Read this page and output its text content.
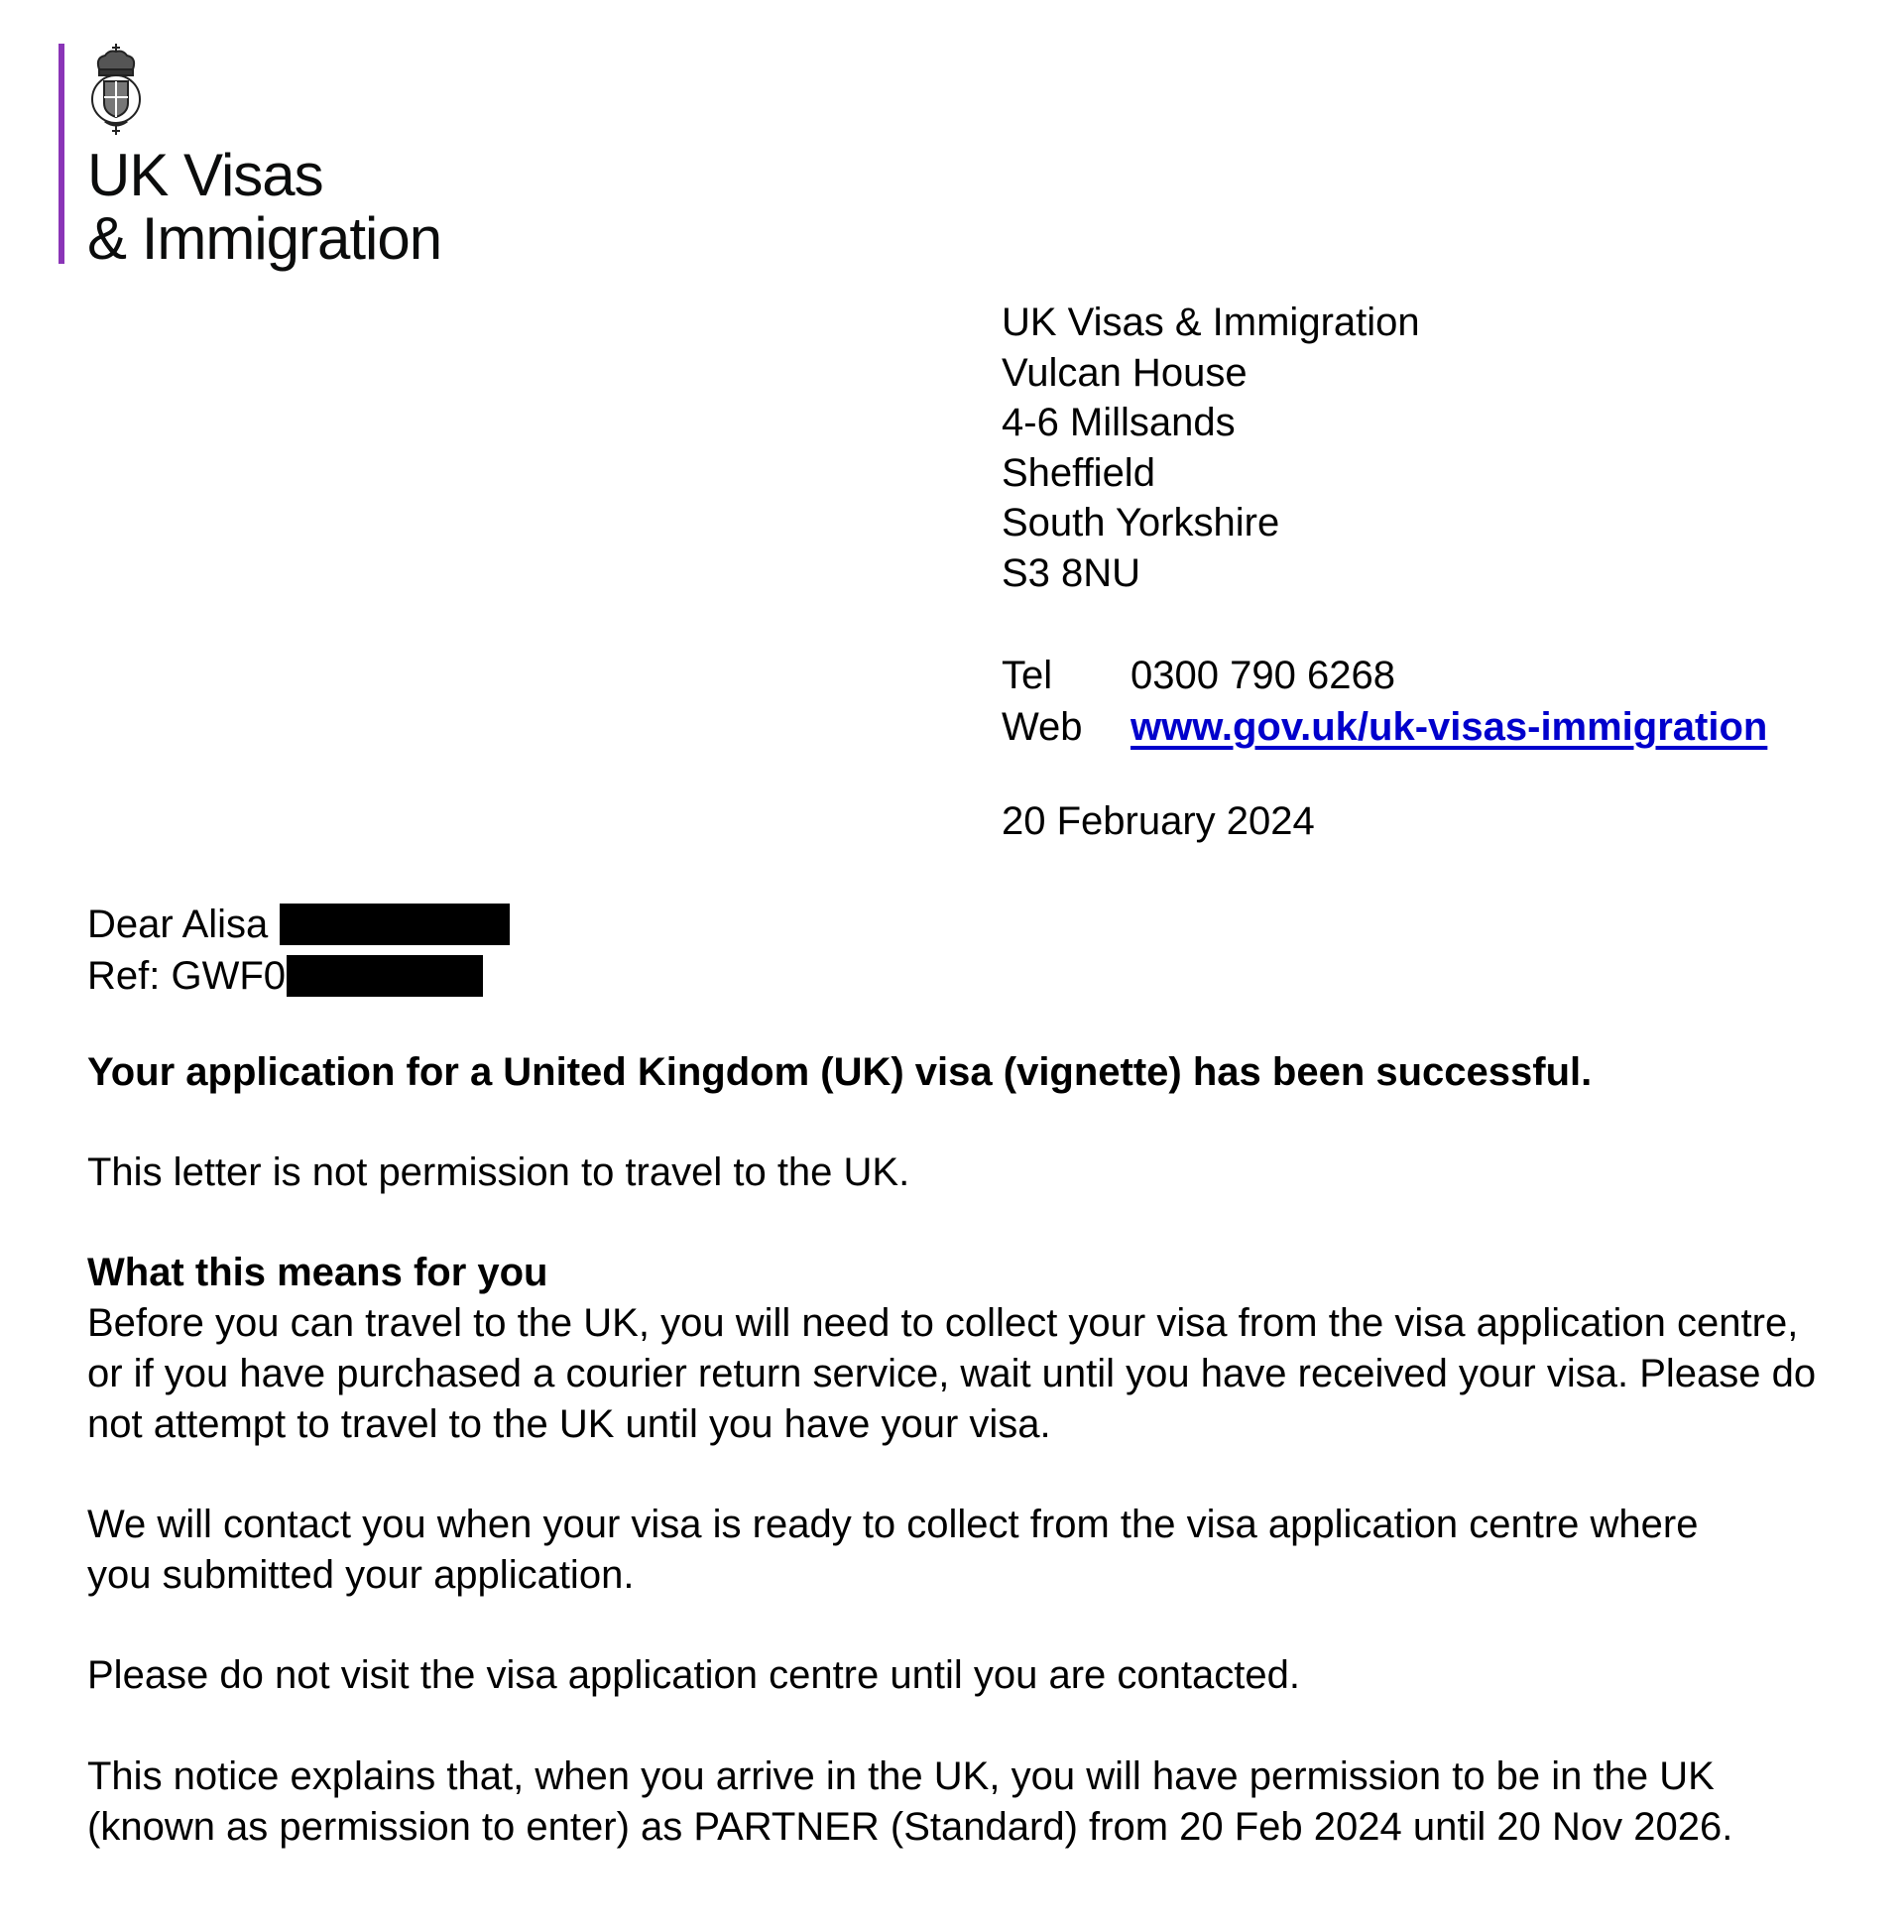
UK Visas
& Immigration
UK Visas & Immigration
Vulcan House
4-6 Millsands
Sheffield
South Yorkshire
S3 8NU
Tel	0300 790 6268
Web	www.gov.uk/uk-visas-immigration
20 February 2024
Dear Alisa
Ref: GWF0

Your application for a United Kingdom (UK) visa (vignette) has been successful.

This letter is not permission to travel to the UK.

What this means for you

Before you can travel to the UK, you will need to collect your visa from the visa application centre, or if you have purchased a courier return service, wait until you have received your visa. Please do not attempt to travel to the UK until you have your visa.

We will contact you when your visa is ready to collect from the visa application centre where you submitted your application.

Please do not visit the visa application centre until you are contacted.

This notice explains that, when you arrive in the UK, you will have permission to be in the UK (known as permission to enter) as PARTNER (Standard) from 20 Feb 2024 until 20 Nov 2026.
